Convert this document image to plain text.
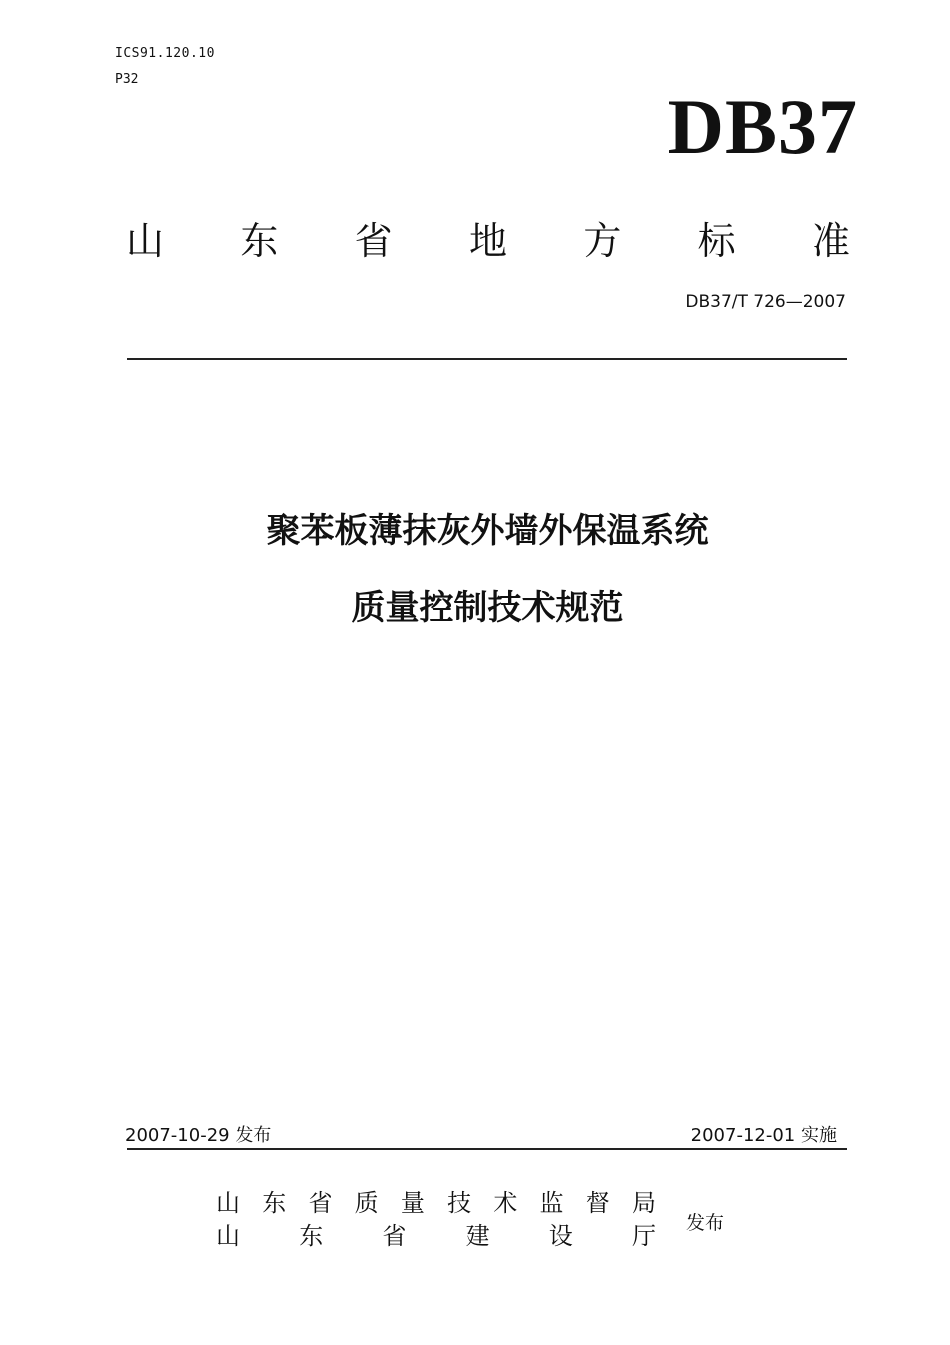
ICS91.120.10
P32
DB37
山 东 省 地 方 标 准
DB37/T 726—2007
聚苯板薄抹灰外墙外保温系统
质量控制技术规范
2007-10-29 发布	2007-12-01 实施
山 东 省 质 量 技 术 监 督 局
山 东 省 建 设 厅 发布
